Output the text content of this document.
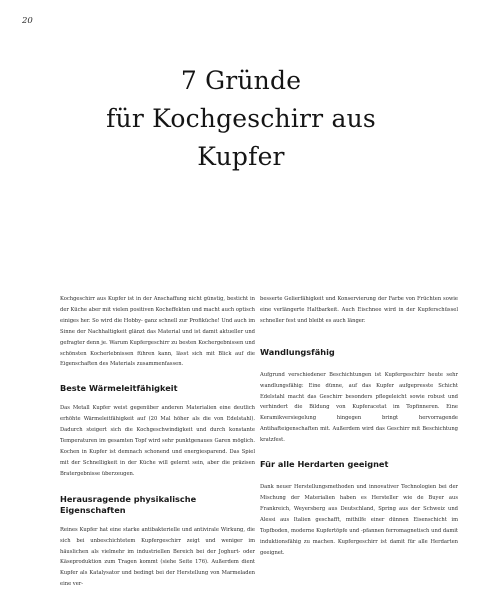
20
7 Gründe
für Kochgeschirr aus
Kupfer

Kochgeschirr aus Kupfer ist in der Anschaffung nicht günstig, besticht in der Küche aber mit vielen positiven Kocheffekten und macht auch optisch einiges her. So wird die Hobby- ganz schnell zur Profiküche! Und auch im Sinne der Nachhaltigkeit glänzt das Material und ist damit aktueller und gefragter denn je. Warum Kupfergeschirr zu besten Kochergebnissen und schönsten Kocherlebnissen führen kann, lässt sich mit Blick auf die Eigenschaften des Materials zusammenfassen.

Beste Wärmeleitfähigkeit

Das Metall Kupfer weist gegenüber anderen Materialien eine deutlich erhöhte Wärmeleitfähigkeit auf (20 Mal höher als die von Edelstahl). Dadurch steigert sich die Kochgeschwindigkeit und durch konstante Temperaturen im gesamten Topf wird sehr punktgenaues Garen möglich. Kochen in Kupfer ist demnach schonend und energiesparend. Das Spiel mit der Schnelligkeit in der Küche will gelernt sein, aber die präzisen Bratergebnisse überzeugen.

Herausragende physikalische Eigenschaften

Reines Kupfer hat eine starke antibakterielle und antivirale Wirkung, die sich bei unbeschichtetem Kupfergeschirr zeigt und weniger im häuslichen als vielmehr im industriellen Bereich bei der Joghurt- oder Käseproduktion zum Tragen kommt (siehe Seite 176). Außerdem dient Kupfer als Katalysator und bedingt bei der Herstellung von Marmeladen eine ver-

besserte Gelierfähigkeit und Konservierung der Farbe von Früchten sowie eine verlängerte Haltbarkeit. Auch Eischnee wird in der Kupferschüssel schneller fest und bleibt es auch länger.

Wandlungsfähig

Aufgrund verschiedener Beschichtungen ist Kupfergeschirr heute sehr wandlungsfähig: Eine dünne, auf das Kupfer aufgepresste Schicht Edelstahl macht das Geschirr besonders pflegeleicht sowie robust und verhindert die Bildung von Kupferacetat im Topfinneren. Eine Keramikversiegelung hingegen bringt hervorragende Antihafteigenschaften mit. Außerdem wird das Geschirr mit Beschichtung kratzfest.

Für alle Herdarten geeignet

Dank neuer Herstellungsmethoden und innovativer Technologien bei der Mischung der Materialien haben es Hersteller wie de Buyer aus Frankreich, Weyersberg aus Deutschland, Spring aus der Schweiz und Alessi aus Italien geschafft, mithilfe einer dünnen Eisenschicht im Topfboden, moderne Kupfertöpfe und -pfannen ferromagnetisch und damit induktionsfähig zu machen. Kupfergeschirr ist damit für alle Herdarten geeignet.
